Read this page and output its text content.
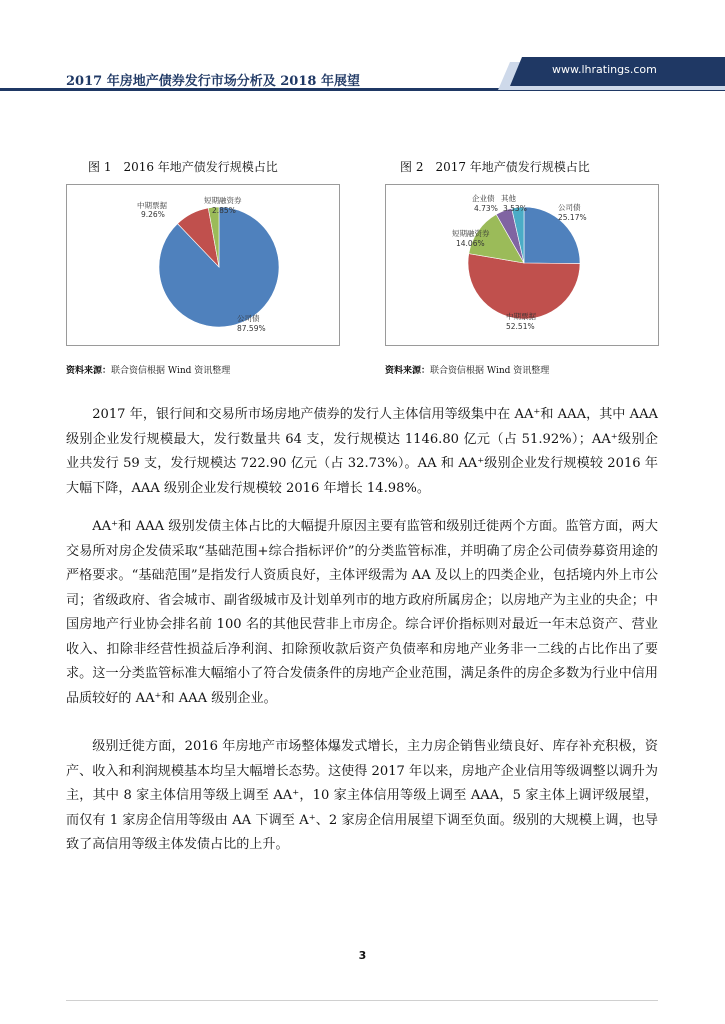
2017 年房地产债券发行市场分析及 2018 年展望
www.lhratings.com
图 1　2016 年地产债发行规模占比
中期票据
9.26%
短期融资券
2.85%
公司债
87.59%
资料来源：联合资信根据 Wind 资讯整理
图 2　2017 年地产债发行规模占比
公司债
25.17%
企业债
4.73%
其他
3.53%
短期融资券
14.06%
中期票据
52.51%
资料来源：联合资信根据 Wind 资讯整理

2017 年，银行间和交易所市场房地产债券的发行人主体信用等级集中在 AA⁺和 AAA，其中 AAA 级别企业发行规模最大，发行数量共 64 支，发行规模达 1146.80 亿元（占 51.92%）；AA⁺级别企业共发行 59 支，发行规模达 722.90 亿元（占 32.73%）。AA 和 AA⁺级别企业发行规模较 2016 年大幅下降，AAA 级别企业发行规模较 2016 年增长 14.98%。

AA⁺和 AAA 级别发债主体占比的大幅提升原因主要有监管和级别迁徙两个方面。监管方面，两大交易所对房企发债采取“基础范围+综合指标评价”的分类监管标准，并明确了房企公司债券募资用途的严格要求。“基础范围”是指发行人资质良好，主体评级需为 AA 及以上的四类企业，包括境内外上市公司；省级政府、省会城市、副省级城市及计划单列市的地方政府所属房企；以房地产为主业的央企；中国房地产行业协会排名前 100 名的其他民营非上市房企。综合评价指标则对最近一年末总资产、营业收入、扣除非经营性损益后净利润、扣除预收款后资产负债率和房地产业务非一二线的占比作出了要求。这一分类监管标准大幅缩小了符合发债条件的房地产企业范围，满足条件的房企多数为行业中信用品质较好的 AA⁺和 AAA 级别企业。

级别迁徙方面，2016 年房地产市场整体爆发式增长，主力房企销售业绩良好、库存补充积极，资产、收入和利润规模基本均呈大幅增长态势。这使得 2017 年以来，房地产企业信用等级调整以调升为主，其中 8 家主体信用等级上调至 AA⁺，10 家主体信用等级上调至 AAA，5 家主体上调评级展望，而仅有 1 家房企信用等级由 AA 下调至 A⁺、2 家房企信用展望下调至负面。级别的大规模上调，也导致了高信用等级主体发债占比的上升。

3
